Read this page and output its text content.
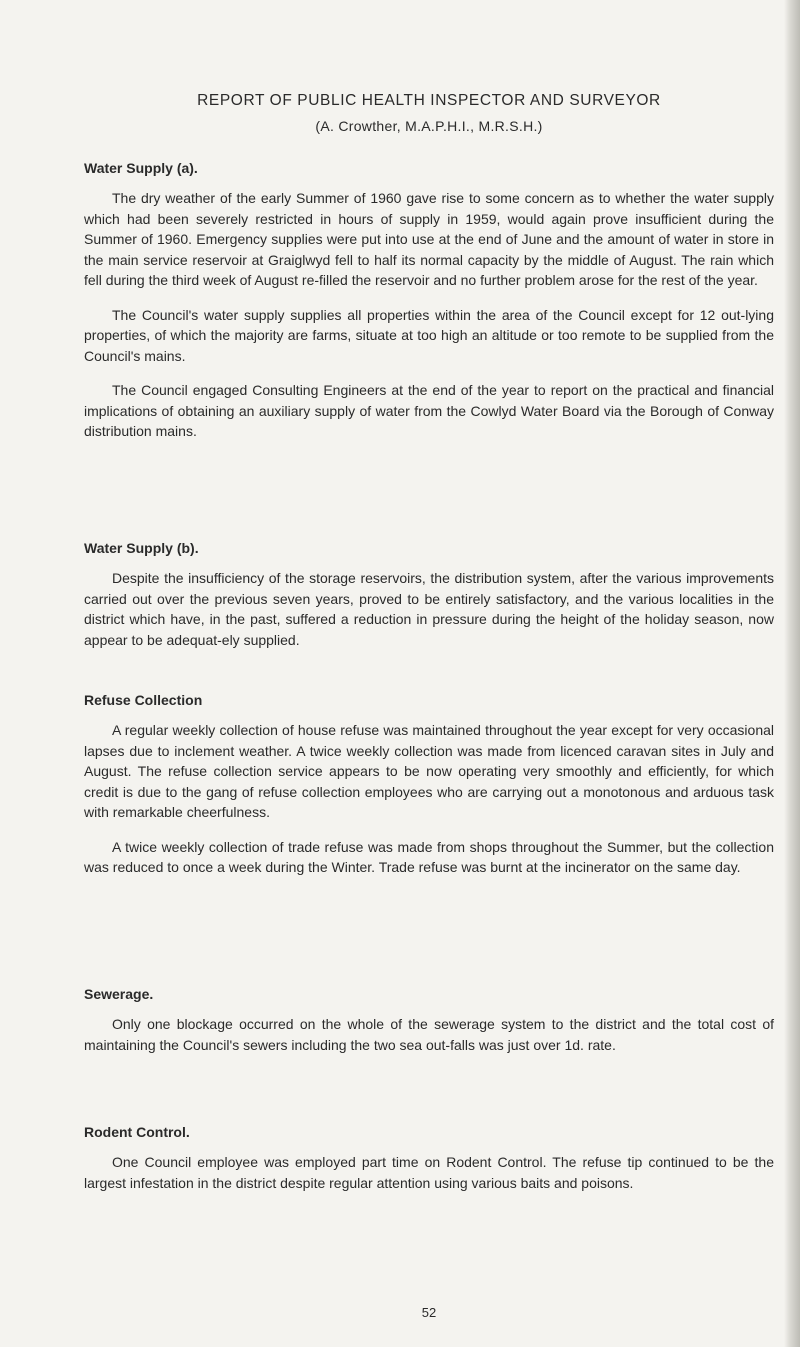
REPORT OF PUBLIC HEALTH INSPECTOR AND SURVEYOR
(A. Crowther, M.A.P.H.I., M.R.S.H.)
Water Supply (a).

The dry weather of the early Summer of 1960 gave rise to some concern as to whether the water supply which had been severely restricted in hours of supply in 1959, would again prove insufficient during the Summer of 1960. Emergency supplies were put into use at the end of June and the amount of water in store in the main service reservoir at Graiglwyd fell to half its normal capacity by the middle of August. The rain which fell during the third week of August re-filled the reservoir and no further problem arose for the rest of the year.

The Council's water supply supplies all properties within the area of the Council except for 12 out-lying properties, of which the majority are farms, situate at too high an altitude or too remote to be supplied from the Council's mains.

The Council engaged Consulting Engineers at the end of the year to report on the practical and financial implications of obtaining an auxiliary supply of water from the Cowlyd Water Board via the Borough of Conway distribution mains.

Water Supply (b).

Despite the insufficiency of the storage reservoirs, the distribution system, after the various improvements carried out over the previous seven years, proved to be entirely satisfactory, and the various localities in the district which have, in the past, suffered a reduction in pressure during the height of the holiday season, now appear to be adequat-ely supplied.

Refuse Collection

A regular weekly collection of house refuse was maintained throughout the year except for very occasional lapses due to inclement weather. A twice weekly collection was made from licenced caravan sites in July and August. The refuse collection service appears to be now operating very smoothly and efficiently, for which credit is due to the gang of refuse collection employees who are carrying out a monotonous and arduous task with remarkable cheerfulness.

A twice weekly collection of trade refuse was made from shops throughout the Summer, but the collection was reduced to once a week during the Winter. Trade refuse was burnt at the incinerator on the same day.

Sewerage.

Only one blockage occurred on the whole of the sewerage system to the district and the total cost of maintaining the Council's sewers including the two sea out-falls was just over 1d. rate.

Rodent Control.

One Council employee was employed part time on Rodent Control. The refuse tip continued to be the largest infestation in the district despite regular attention using various baits and poisons.

52
